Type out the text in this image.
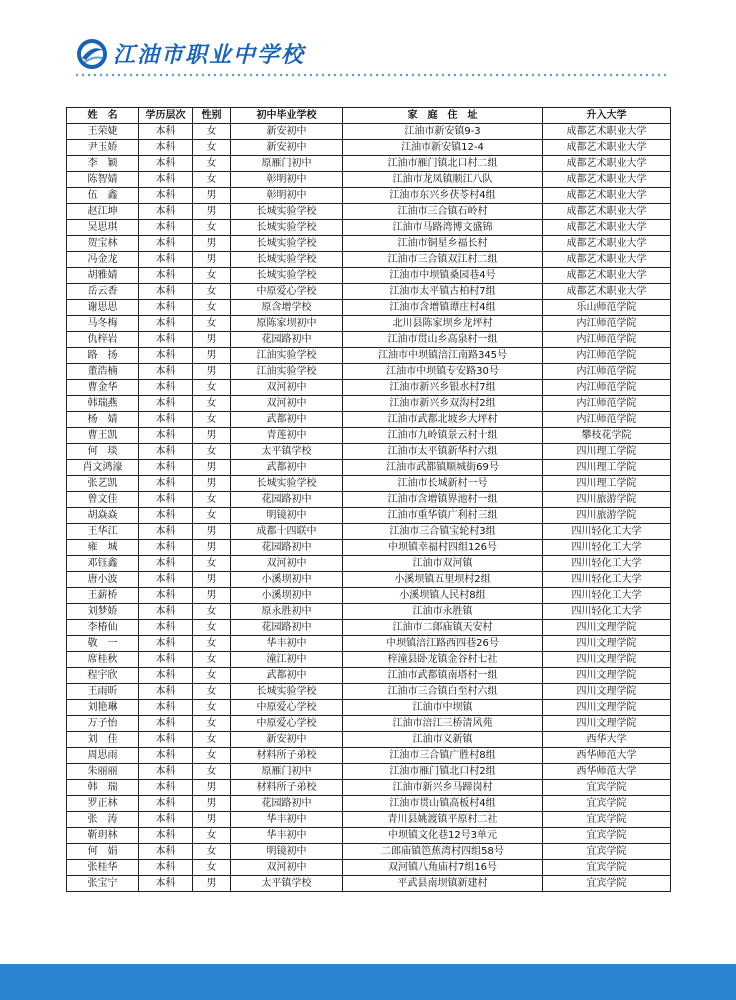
江油市职业中学校
姓　名	学历层次	性别	初中毕业学校	家　庭　住　址	升入大学
王荣婕	本科	女	新安初中	江油市新安镇9-3	成都艺术职业大学
尹玉娇	本科	女	新安初中	江油市新安镇12-4	成都艺术职业大学
李　颖	本科	女	原雁门初中	江油市雁门镇北口村二组	成都艺术职业大学
陈智婧	本科	女	彰明初中	江油市龙凤镇顺江八队	成都艺术职业大学
伍　鑫	本科	男	彰明初中	江油市东兴乡茯苓村4组	成都艺术职业大学
赵江坤	本科	男	长城实验学校	江油市三合镇石岭村	成都艺术职业大学
吴思琪	本科	女	长城实验学校	江油市马路湾博文盛锦	成都艺术职业大学
贺宝林	本科	男	长城实验学校	江油市铜星乡福长村	成都艺术职业大学
冯金龙	本科	男	长城实验学校	江油市三合镇双江村二组	成都艺术职业大学
胡雅婧	本科	女	长城实验学校	江油市中坝镇桑园巷4号	成都艺术职业大学
岳云香	本科	女	中原爱心学校	江油市太平镇古柏村7组	成都艺术职业大学
谢思思	本科	女	原含增学校	江油市含增镇谭庄村4组	乐山师范学院
马冬梅	本科	女	原陈家坝初中	北川县陈家坝乡龙坪村	内江师范学院
仇梓岩	本科	男	花园路初中	江油市贯山乡高泉村一组	内江师范学院
路　扬	本科	男	江油实验学校	江油市中坝镇涪江南路345号	内江师范学院
董浩楠	本科	男	江油实验学校	江油市中坝镇专安路30号	内江师范学院
曹金华	本科	女	双河初中	江油市新兴乡银水村7组	内江师范学院
韩瑞燕	本科	女	双河初中	江油市新兴乡双沟村2组	内江师范学院
杨　婧	本科	女	武都初中	江油市武都北坡乡大坪村	内江师范学院
曹王凯	本科	男	青莲初中	江油市九岭镇景云村十组	攀枝花学院
何　琰	本科	女	太平镇学校	江油市太平镇新华村六组	四川理工学院
肖文鸿濠	本科	男	武都初中	江油市武都镇顺城街69号	四川理工学院
张艺凯	本科	男	长城实验学校	江油市长城新村一号	四川理工学院
曾文佳	本科	女	花园路初中	江油市含增镇界池村一组	四川旅游学院
胡焱焱	本科	女	明镜初中	江油市重华镇广利村三组	四川旅游学院
王华江	本科	男	成都十四联中	江油市三合镇宝轮村3组	四川轻化工大学
雍　城	本科	男	花园路初中	中坝镇幸福村四组126号	四川轻化工大学
邓钰鑫	本科	女	双河初中	江油市双河镇	四川轻化工大学
唐小波	本科	男	小溪坝初中	小溪坝镇五里坝村2组	四川轻化工大学
王薪桥	本科	男	小溪坝初中	小溪坝镇人民村8组	四川轻化工大学
刘梦娇	本科	女	原永胜初中	江油市永胜镇	四川轻化工大学
李椿仙	本科	女	花园路初中	江油市二郎庙镇天安村	四川文理学院
敬　一	本科	女	华丰初中	中坝镇涪江路西四巷26号	四川文理学院
席桂秋	本科	女	潼江初中	梓潼县卧龙镇金谷村七社	四川文理学院
程宇欣	本科	女	武都初中	江油市武都镇南塔村一组	四川文理学院
王雨昕	本科	女	长城实验学校	江油市三合镇白至村六组	四川文理学院
刘艳琳	本科	女	中原爱心学校	江油市中坝镇	四川文理学院
万子怡	本科	女	中原爱心学校	江油市涪江三桥清风苑	四川文理学院
刘　佳	本科	女	新安初中	江油市义新镇	西华大学
周思雨	本科	女	材料所子弟校	江油市三合镇广胜村8组	西华师范大学
朱丽丽	本科	女	原雁门初中	江油市雁门镇北口村2组	西华师范大学
韩　瑞	本科	男	材料所子弟校	江油市新兴乡马蹄岗村	宜宾学院
罗正林	本科	男	花园路初中	江油市贯山镇高板村4组	宜宾学院
张　涛	本科	男	华丰初中	青川县姚渡镇平原村二社	宜宾学院
靳玥林	本科	女	华丰初中	中坝镇文化巷12号3单元	宜宾学院
何　娟	本科	女	明镜初中	二郎庙镇笆蕉湾村四组58号	宜宾学院
张桂华	本科	女	双河初中	双河镇八角庙村7组16号	宜宾学院
张宝宁	本科	男	太平镇学校	平武县南坝镇新建村	宜宾学院
